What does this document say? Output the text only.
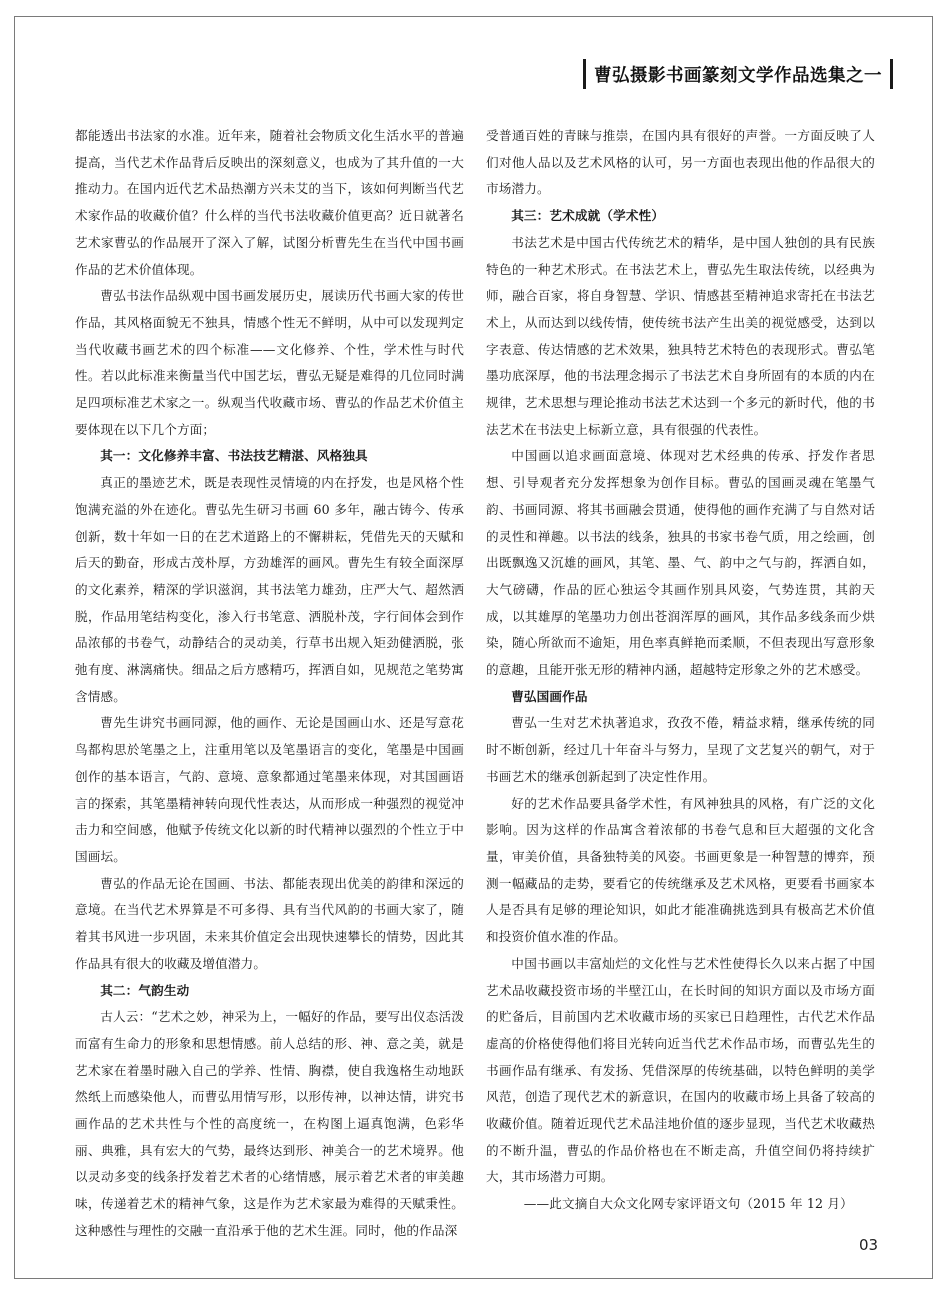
曹弘摄影书画篆刻文学作品选集之一

都能透出书法家的水准。近年来，随着社会物质文化生活水平的普遍提高，当代艺术作品背后反映出的深刻意义，也成为了其升值的一大推动力。在国内近代艺术品热潮方兴未艾的当下，该如何判断当代艺术家作品的收藏价值？什么样的当代书法收藏价值更高？近日就著名艺术家曹弘的作品展开了深入了解，试图分析曹先生在当代中国书画作品的艺术价值体现。

曹弘书法作品纵观中国书画发展历史，展读历代书画大家的传世作品，其风格面貌无不独具，情感个性无不鲜明，从中可以发现判定当代收藏书画艺术的四个标准——文化修养、个性，学术性与时代性。若以此标准来衡量当代中国艺坛，曹弘无疑是难得的几位同时满足四项标准艺术家之一。纵观当代收藏市场、曹弘的作品艺术价值主要体现在以下几个方面；

其一：文化修养丰富、书法技艺精湛、风格独具

真正的墨迹艺术，既是表现性灵情境的内在抒发，也是风格个性饱满充溢的外在迹化。曹弘先生研习书画 60 多年，融古铸今、传承创新，数十年如一日的在艺术道路上的不懈耕耘，凭借先天的天赋和后天的勤奋，形成古茂朴厚，方劲雄浑的画风。曹先生有较全面深厚的文化素养，精深的学识滋润，其书法笔力雄劲，庄严大气、超然洒脱，作品用笔结构变化，渗入行书笔意、洒脱朴茂，字行间体会到作品浓郁的书卷气，动静结合的灵动美，行草书出规入矩劲健洒脱，张弛有度、淋漓痛快。细品之后方感精巧，挥洒自如，见规范之笔势寓含情感。

曹先生讲究书画同源，他的画作、无论是国画山水、还是写意花鸟都构思於笔墨之上，注重用笔以及笔墨语言的变化，笔墨是中国画创作的基本语言，气韵、意境、意象都通过笔墨来体现，对其国画语言的探索，其笔墨精神转向现代性表达，从而形成一种强烈的视觉冲击力和空间感，他赋予传统文化以新的时代精神以强烈的个性立于中国画坛。

曹弘的作品无论在国画、书法、都能表现出优美的韵律和深远的意境。在当代艺术界算是不可多得、具有当代风韵的书画大家了，随着其书风进一步巩固，未来其价值定会出现快速攀长的情势，因此其作品具有很大的收藏及增值潜力。

其二：气韵生动

古人云：“艺术之妙，神采为上，一幅好的作品，要写出仪态活泼而富有生命力的形象和思想情感。前人总结的形、神、意之美，就是艺术家在着墨时融入自己的学养、性情、胸襟，使自我逸格生动地跃然纸上而感染他人，而曹弘用情写形，以形传神，以神达情，讲究书画作品的艺术共性与个性的高度统一，在构图上逼真饱满，色彩华丽、典雅，具有宏大的气势，最终达到形、神美合一的艺术境界。他以灵动多变的线条抒发着艺术者的心绪情感，展示着艺术者的审美趣味，传递着艺术的精神气象，这是作为艺术家最为难得的天赋秉性。这种感性与理性的交融一直沿承于他的艺术生涯。同时，他的作品深

受普通百姓的青睐与推崇，在国内具有很好的声誉。一方面反映了人们对他人品以及艺术风格的认可，另一方面也表现出他的作品很大的市场潜力。

其三：艺术成就（学术性）

书法艺术是中国古代传统艺术的精华，是中国人独创的具有民族特色的一种艺术形式。在书法艺术上，曹弘先生取法传统，以经典为师，融合百家，将自身智慧、学识、情感甚至精神追求寄托在书法艺术上，从而达到以线传情，使传统书法产生出美的视觉感受，达到以字表意、传达情感的艺术效果，独具特艺术特色的表现形式。曹弘笔墨功底深厚，他的书法理念揭示了书法艺术自身所固有的本质的内在规律，艺术思想与理论推动书法艺术达到一个多元的新时代，他的书法艺术在书法史上标新立意，具有很强的代表性。

中国画以追求画面意境、体现对艺术经典的传承、抒发作者思想、引导观者充分发挥想象为创作目标。曹弘的国画灵魂在笔墨气韵、书画同源、将其书画融会贯通，使得他的画作充满了与自然对话的灵性和禅趣。以书法的线条，独具的书家书卷气质，用之绘画，创出既飘逸又沉雄的画风，其笔、墨、气、韵中之气与韵，挥洒自如，大气磅礴，作品的匠心独运令其画作别具风姿，气势连贯，其韵天成，以其雄厚的笔墨功力创出苍润浑厚的画风，其作品多线条而少烘染，随心所欲而不逾矩，用色率真鲜艳而柔顺，不但表现出写意形象的意趣，且能开张无形的精神内涵，超越特定形象之外的艺术感受。

曹弘国画作品

曹弘一生对艺术执著追求，孜孜不倦，精益求精，继承传统的同时不断创新，经过几十年奋斗与努力，呈现了文艺复兴的朝气，对于书画艺术的继承创新起到了决定性作用。

好的艺术作品要具备学术性，有风神独具的风格，有广泛的文化影响。因为这样的作品寓含着浓郁的书卷气息和巨大超强的文化含量，审美价值，具备独特美的风姿。书画更象是一种智慧的博弈，预测一幅藏品的走势，要看它的传统继承及艺术风格，更要看书画家本人是否具有足够的理论知识，如此才能准确挑选到具有极高艺术价值和投资价值水准的作品。

中国书画以丰富灿烂的文化性与艺术性使得长久以来占据了中国艺术品收藏投资市场的半壁江山，在长时间的知识方面以及市场方面的贮备后，目前国内艺术收藏市场的买家已日趋理性，古代艺术作品虚高的价格使得他们将目光转向近当代艺术作品市场，而曹弘先生的书画作品有继承、有发扬、凭借深厚的传统基础，以特色鲜明的美学风范，创造了现代艺术的新意识，在国内的收藏市场上具备了较高的收藏价值。随着近现代艺术品洼地价值的逐步显现，当代艺术收藏热的不断升温，曹弘的作品价格也在不断走高，升值空间仍将持续扩大，其市场潜力可期。

——此文摘自大众文化网专家评语文句（2015 年 12 月）

03
